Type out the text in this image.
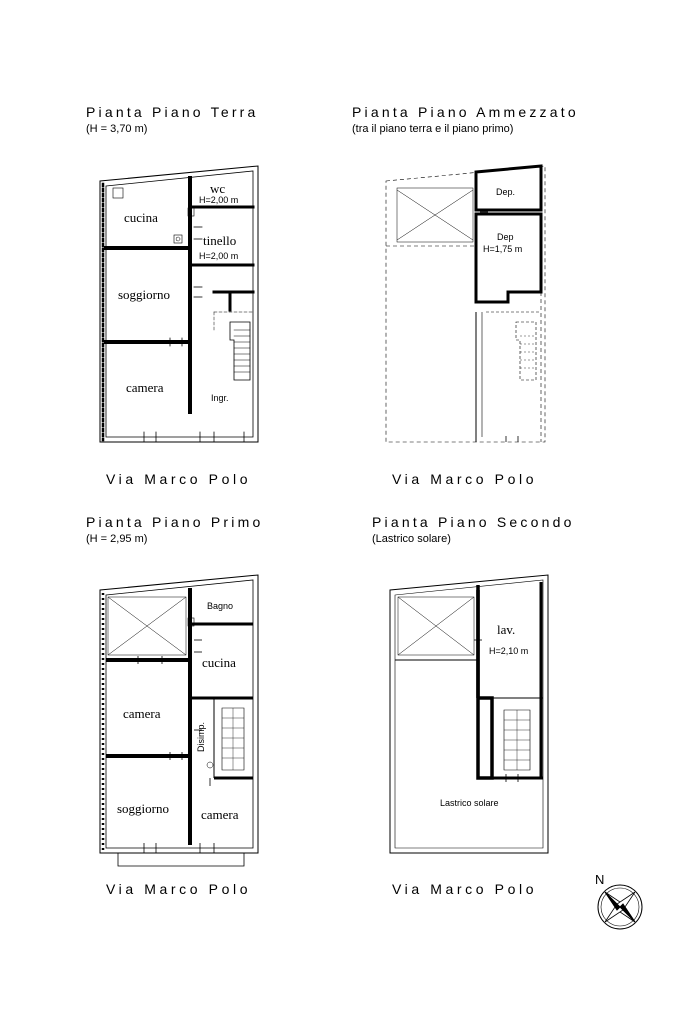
Pianta Piano Terra
(H = 3,70 m)
Pianta Piano Ammezzato
(tra il piano terra e il piano primo)
Pianta Piano Primo
(H = 2,95 m)
Pianta Piano Secondo
(Lastrico solare)
Via Marco Polo	Via Marco Polo
Via Marco Polo	Via Marco Polo
wc
H=2,00 m
cucina
tinello
H=2,00 m
soggiorno
camera
Ingr.
Dep.
Dep
H=1,75 m
Bagno
cucina
camera
Disimp.
soggiorno camera
lav.
H=2,10 m
Lastrico solare
N
